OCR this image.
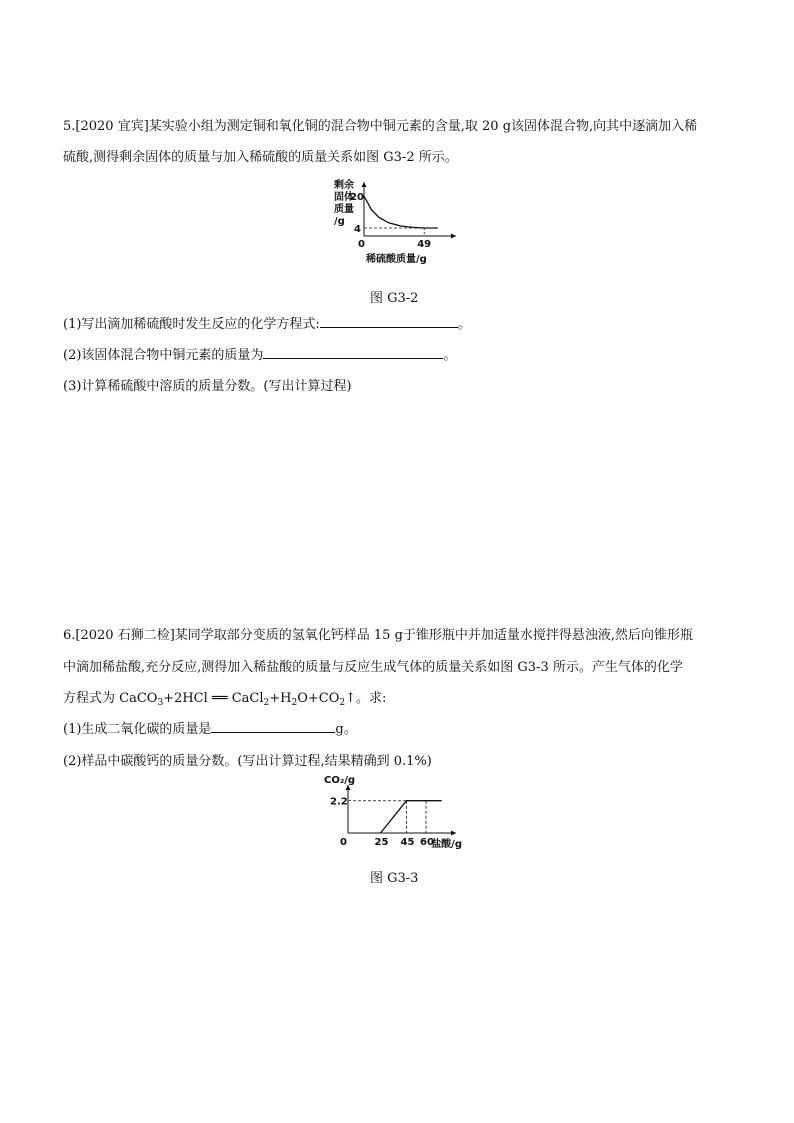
5.[2020 宜宾]某实验小组为测定铜和氧化铜的混合物中铜元素的含量,取 20 g该固体混合物,向其中逐滴加入稀
硫酸,测得剩余固体的质量与加入稀硫酸的质量关系如图 G3-2 所示。
剩余
固体
质量
/g
0
20
4
49
稀硫酸质量/g
图 G3-2
(1)写出滴加稀硫酸时发生反应的化学方程式:	。
(2)该固体混合物中铜元素的质量为	。
(3)计算稀硫酸中溶质的质量分数。(写出计算过程)
6.[2020 石狮二检]某同学取部分变质的氢氧化钙样品 15 g于锥形瓶中并加适量水搅拌得悬浊液,然后向锥形瓶
中滴加稀盐酸,充分反应,测得加入稀盐酸的质量与反应生成气体的质量关系如图 G3-3 所示。产生气体的化学
方程式为 CaCO$_3$+2HCl ══ $CaCl_2+H_2O+CO_2↑$。求:
(1)生成二氧化碳的质量是	g。
(2)样品中碳酸钙的质量分数。(写出计算过程,结果精确到 0.1%)
CO₂/g
0
2.2
25 45 60
盐酸/g
图 G3-3
